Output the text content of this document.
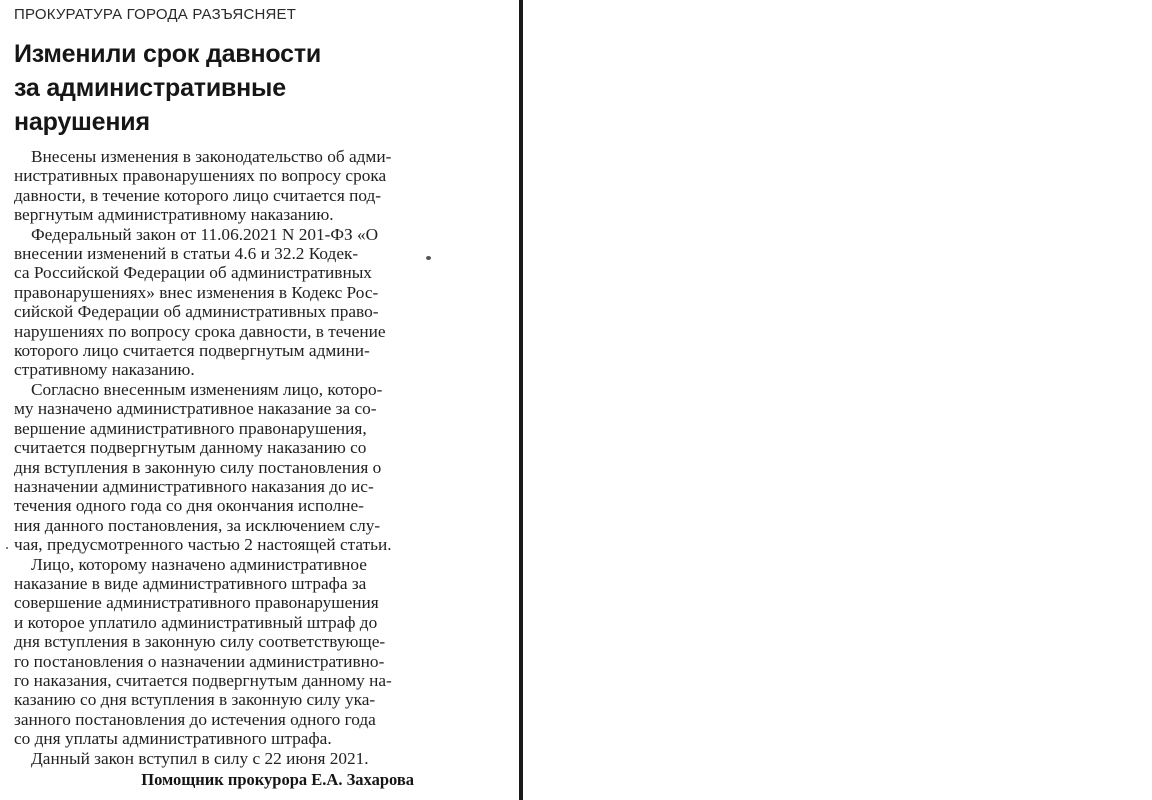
ПРОКУРАТУРА ГОРОДА РАЗЪЯСНЯЕТ
Изменили срок давности
за административные
нарушения

Внесены изменения в законодательство об адми-
нистративных правонарушениях по вопросу срока
давности, в течение которого лицо считается под-
вергнутым административному наказанию.

Федеральный закон от 11.06.2021 N 201-ФЗ «О
внесении изменений в статьи 4.6 и 32.2 Кодек-
са Российской Федерации об административных
правонарушениях» внес изменения в Кодекс Рос-
сийской Федерации об административных право-
нарушениях по вопросу срока давности, в течение
которого лицо считается подвергнутым админи-
стративному наказанию.

Согласно внесенным изменениям лицо, которо-
му назначено административное наказание за со-
вершение административного правонарушения,
считается подвергнутым данному наказанию со
дня вступления в законную силу постановления о
назначении административного наказания до ис-
течения одного года со дня окончания исполне-
ния данного постановления, за исключением слу-
чая, предусмотренного частью 2 настоящей статьи.

Лицо, которому назначено административное
наказание в виде административного штрафа за
совершение административного правонарушения
и которое уплатило административный штраф до
дня вступления в законную силу соответствующе-
го постановления о назначении административно-
го наказания, считается подвергнутым данному на-
казанию со дня вступления в законную силу ука-
занного постановления до истечения одного года
со дня уплаты административного штрафа.

Данный закон вступил в силу с 22 июня 2021.

Помощник прокурора Е.А. Захарова
